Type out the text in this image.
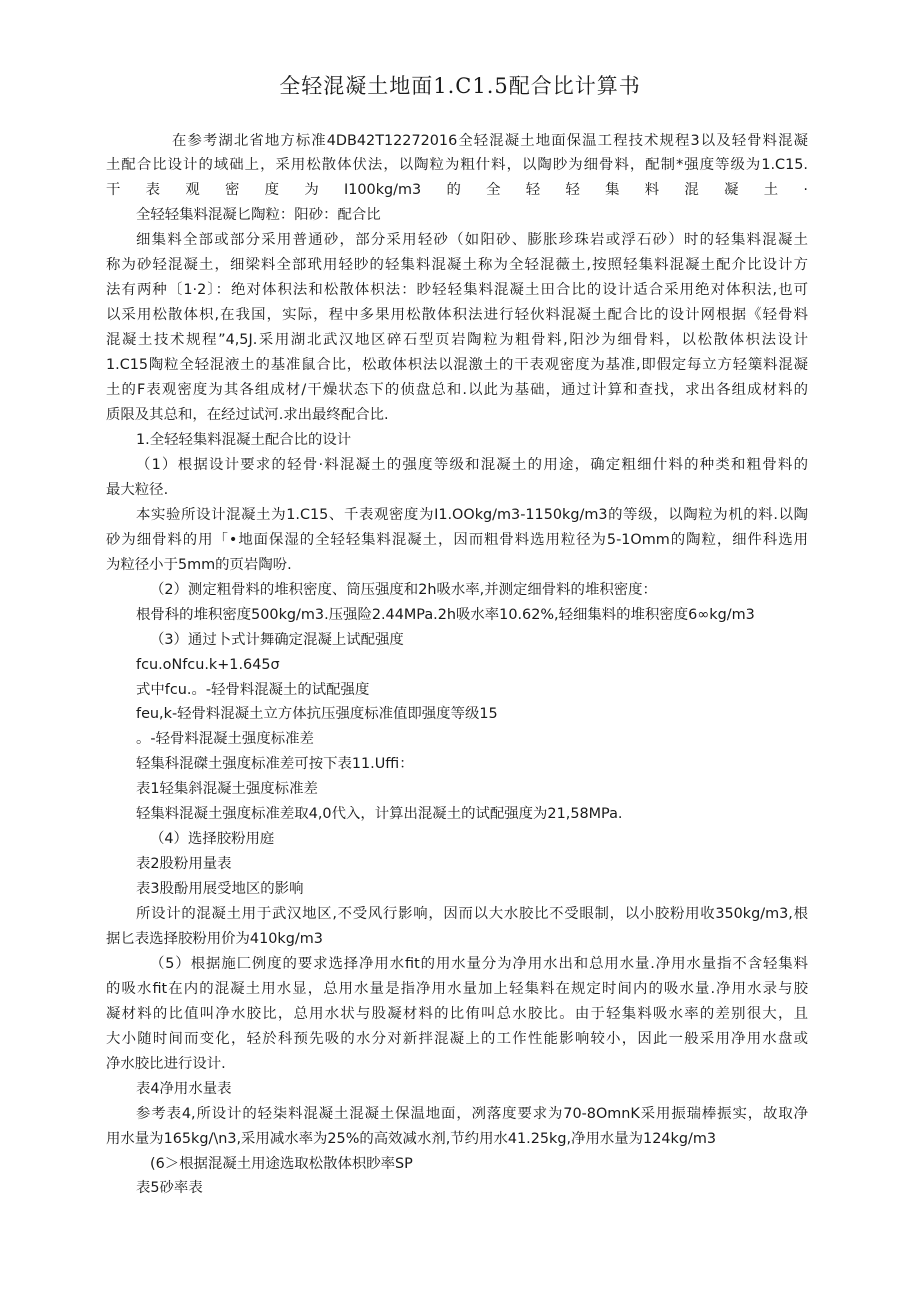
全轻混凝土地面1.C1.5配合比计算书

在参考湖北省地方标准4DB42T12272016全轻混凝土地面保温工程技术规程3以及轻骨料混凝

土配合比设计的域础上，采用松散体伏法，以陶粒为粗什料，以陶眇为细骨料，配制*强度等级为1.C15.

干表观密度为I100kg/m3的全轻轻集料混凝土·

全轻轻集料混凝匕陶粒：阳砂：配合比

细集料全部或部分采用普通砂，部分采用轻砂（如阳砂、膨胀珍珠岩或浮石砂）时的轻集料混凝土

称为砂轻混凝土，细梁料全部玳用轻眇的轻集料混凝土称为全轻混薇土,按照轻集料混凝土配介比设计方

法有两种〔1·2〕：绝对体积法和松散体枳法：眇轻轻集料混凝土田合比的设计适合采用绝对体积法,也可

以采用松散体枳,在我国，实际，程中多果用松散体积法进行轻伙料混凝土配合比的设计网根据《轻骨料

混凝土技术规程”4,5J.采用湖北武汉地区碎石型页岩陶粒为粗骨料,阳沙为细骨料，以松散体枳法设计

1.C15陶粒全轻混液土的基准鼠合比，松敢体枳法以混激土的干表观密度为基准,即假定每立方轻篥料混凝

土的F表观密度为其各组成材/干燥状态下的侦盘总和.以此为基础，通过计算和查找，求出各组成材料的

质限及其总和，在经过试河.求出最终配合比.

1.全轻轻集料混凝土配合比的设计

（1）根据设计要求的轻骨·料混凝土的强度等级和混凝土的用途，确定粗细什料的种类和粗骨料的

最大粒径.

本实验所设计混凝土为1.C15、千表观密度为I1.OOkg/m3-1150kg/m3的等级，以陶粒为机的料.以陶

砂为细骨料的用「•地面保湿的全轻轻集料混凝土，因而粗骨料选用粒径为5-1Omm的陶粒，细件科选用

为粒径小于5mm的页岩陶吩.

（2）测定粗骨料的堆积密度、筒压强度和2h吸水率,并测定细骨料的堆积密度：

根骨科的堆积密度500kg/m3.压强险2.44MPa.2h吸水率10.62%,轻细集料的堆积密度6∞kg/m3

（3）通过卜式计舞确定混凝上试配强度

fcu.oNfcu.k+1.645σ

式中fcu.。-轻骨料混凝土的试配强度

feu,k-轻骨料混凝土立方体抗压强度标准值即强度等级15

。-轻骨料混凝土强度标准差

轻集科混磔土强度标准差可按下表11.Uffi：

表1轻集斜混凝土强度标准差

轻集料混凝土强度标准差取4,0代入，计算出混凝土的试配强度为21,58MPa.

（4）选择胶粉用庭

表2股粉用量表

表3股酚用展受地区的影响

所设计的混凝土用于武汉地区,不受风行影响，因而以大水胶比不受眼制，以小胶粉用收350kg/m3,根

据匕表选择胶粉用价为410kg/m3

（5）根据施匚例度的要求选择净用水fit的用水量分为净用水出和总用水量.净用水量指不含轻集料

的吸水fit在内的混凝土用水显，总用水量是指净用水量加上轻集料在规定时间内的吸水量.净用水录与胶

凝材料的比值叫净水胶比，总用水状与股凝材料的比侑叫总水胶比。由于轻集料吸水率的差别很大，且

大小随时间而变化，轻於科预先吸的水分对新拌混凝上的工作性能影响较小，因此一般采用净用水盘或

净水胶比进行设计.

表4净用水量表

参考表4,所设计的轻柒料混凝土混凝土保温地面，冽落度要求为70-8OmnK采用振瑞棒振实，故取净

用水量为165kg/\n3,采用减水率为25%的高效减水剂,节约用水41.25kg,净用水量为124kg/m3

(6＞根据混凝土用途选取松散体枳眇率SP

表5砂率表
